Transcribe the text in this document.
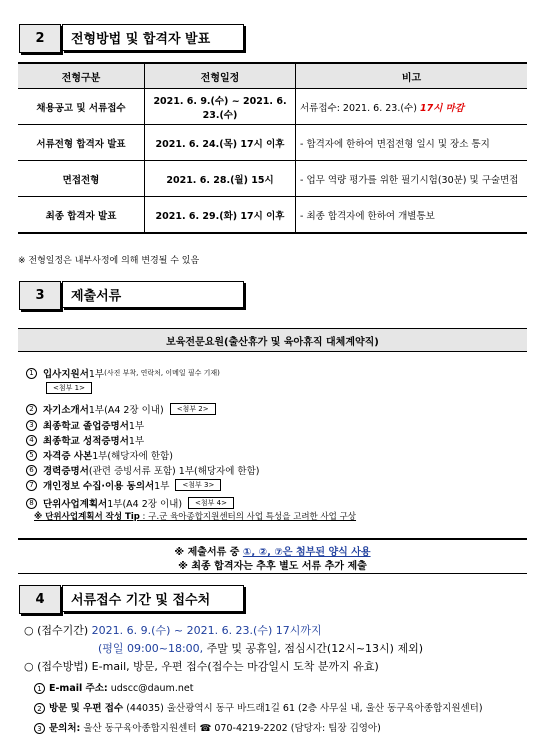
2	전형방법 및 합격자 발표
전형구분	전형일정	비고
채용공고 및 서류접수	2021. 6. 9.(수) ~ 2021. 6. 23.(수)	서류접수: 2021. 6. 23.(수) 17시 마감
서류전형 합격자 발표	2021. 6. 24.(목) 17시 이후	- 합격자에 한하여 면접전형 일시 및 장소 통지
면접전형	2021. 6. 28.(월) 15시	- 업무 역량 평가를 위한 필기시험(30분) 및 구술면접
최종 합격자 발표	2021. 6. 29.(화) 17시 이후	- 최종 합격자에 한하여 개별통보
※ 전형일정은 내부사정에 의해 변경될 수 있음
3	제출서류
보육전문요원(출산휴가 및 육아휴직 대체계약직)
1 입사지원서 1부 (사진 부착, 연락처, 이메일 필수 기재)
<첨부 1>
2 자기소개서 1부(A4 2장 이내)	<첨부 2>
3 최종학교 졸업증명서 1부
4 최종학교 성적증명서 1부
5 자격증 사본 1부(해당자에 한함)
6 경력증명서 (관련 증빙서류 포함) 1부(해당자에 한함)
7 개인정보 수집·이용 동의서 1부	<첨부 3>
8 단위사업계획서 1부(A4 2장 이내)	<첨부 4>
※ 단위사업계획서 작성 Tip : 구․군 육아종합지원센터의 사업 특성을 고려한 사업 구상
※ 제출서류 중 ①, ②, ⑦은 첨부된 양식 사용
※ 최종 합격자는 추후 별도 서류 추가 제출
4	서류접수 기간 및 접수처
○ (접수기간) 2021. 6. 9.(수) ~ 2021. 6. 23.(수) 17시까지
(평일 09:00~18:00, 주말 및 공휴일, 점심시간(12시~13시) 제외)
○ (접수방법) E-mail, 방문, 우편 접수(접수는 마감일시 도착 분까지 유효)
1 E-mail 주소: udscc@daum.net
2 방문 및 우편 접수 (44035) 울산광역시 동구 바드래1길 61 (2층 사무실 내, 울산 동구육아종합지원센터)
3 문의처: 울산 동구육아종합지원센터 ☎ 070-4219-2202 (담당자: 팀장 김영아)
